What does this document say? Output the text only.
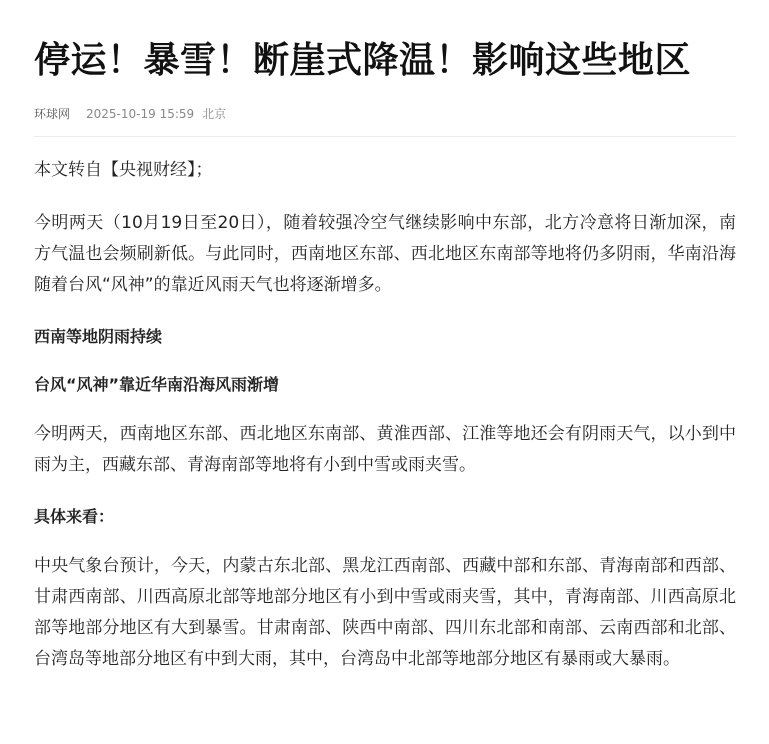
停运！暴雪！断崖式降温！影响这些地区
环球网 2025-10-19 15:59 北京

本文转自【央视财经】；

今明两天（10月19日至20日），随着较强冷空气继续影响中东部，北方冷意将日渐加深，南方气温也会频刷新低。与此同时，西南地区东部、西北地区东南部等地将仍多阴雨，华南沿海随着台风“风神”的靠近风雨天气也将逐渐增多。

西南等地阴雨持续

台风“风神”靠近华南沿海风雨渐增

今明两天，西南地区东部、西北地区东南部、黄淮西部、江淮等地还会有阴雨天气，以小到中雨为主，西藏东部、青海南部等地将有小到中雪或雨夹雪。

具体来看：

中央气象台预计，今天，内蒙古东北部、黑龙江西南部、西藏中部和东部、青海南部和西部、甘肃西南部、川西高原北部等地部分地区有小到中雪或雨夹雪，其中，青海南部、川西高原北部等地部分地区有大到暴雪。甘肃南部、陕西中南部、四川东北部和南部、云南西部和北部、台湾岛等地部分地区有中到大雨，其中，台湾岛中北部等地部分地区有暴雨或大暴雨。
